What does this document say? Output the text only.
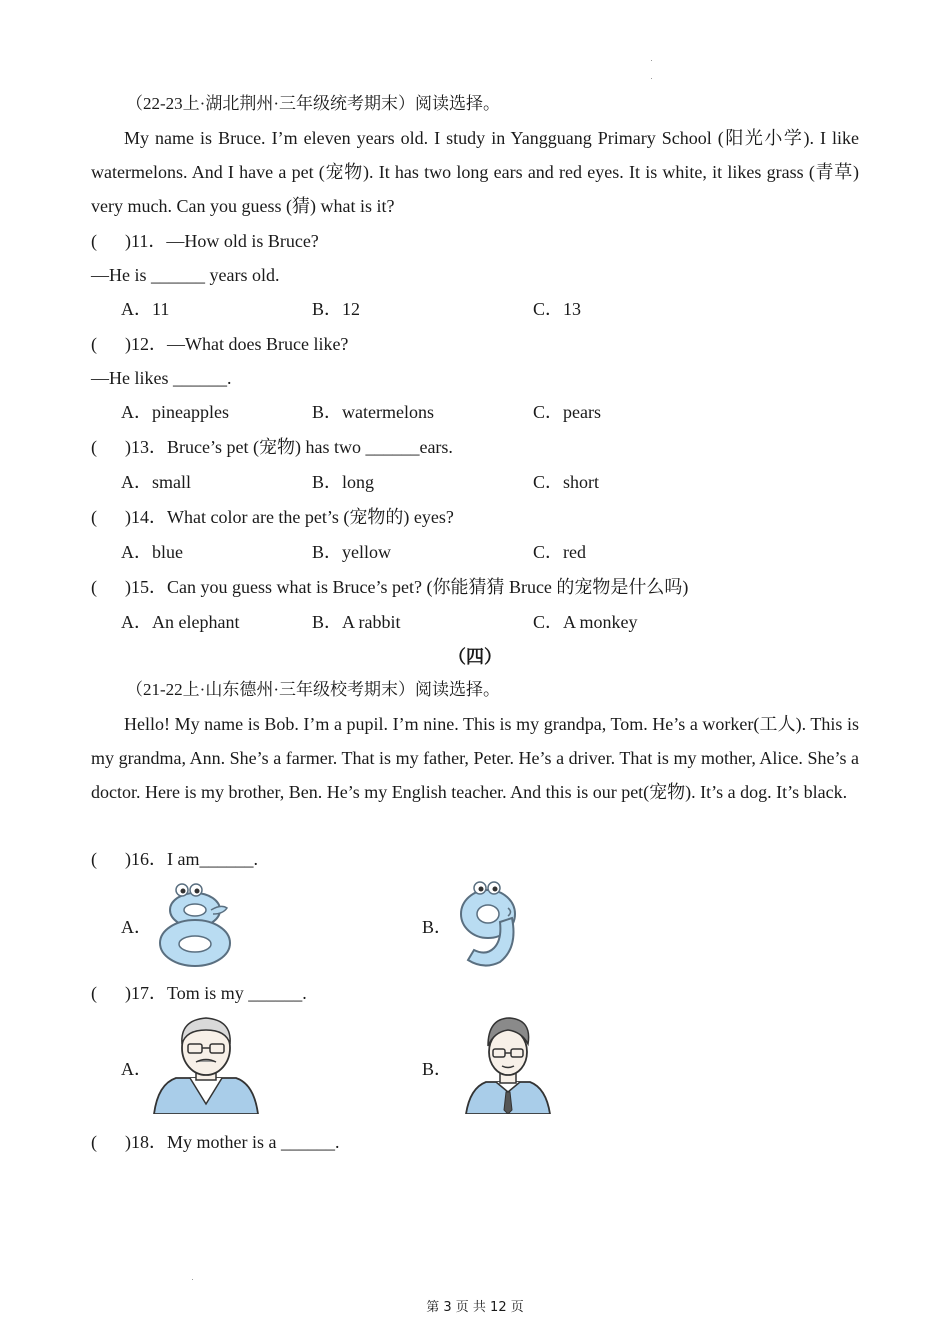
（22-23上·湖北荆州·三年级统考期末）阅读选择。
My name is Bruce. I’m eleven years old. I study in Yangguang Primary School (阳光小学). I like watermelons. And I have a pet (宠物). It has two long ears and red eyes. It is white, it likes grass (青草) very much. Can you guess (猜) what is it?
( )11．—How old is Bruce?
—He is ______ years old.
A．11	B．12	C．13
( )12．—What does Bruce like?
—He likes ______.
A．pineapples	B．watermelons	C．pears
( )13．Bruce’s pet (宠物) has two ______ears.
A．small	B．long	C．short
( )14．What color are the pet’s (宠物的) eyes?
A．blue	B．yellow	C．red
( )15．Can you guess what is Bruce’s pet? (你能猜猜 Bruce 的宠物是什么吗)
A．An elephant	B．A rabbit	C．A monkey
（四）
（21-22上·山东德州·三年级校考期末）阅读选择。
Hello! My name is Bob. I’m a pupil. I’m nine. This is my grandpa, Tom. He’s a worker(工人). This is my grandma, Ann. She’s a farmer. That is my father, Peter. He’s a driver. That is my mother, Alice. She’s a doctor. Here is my brother, Ben. He’s my English teacher. And this is our pet(宠物). It’s a dog. It’s black.
( )16．I am______.
A．	B．
( )17．Tom is my ______.
A．	B．
( )18．My mother is a ______.
第 3 页 共 12 页
